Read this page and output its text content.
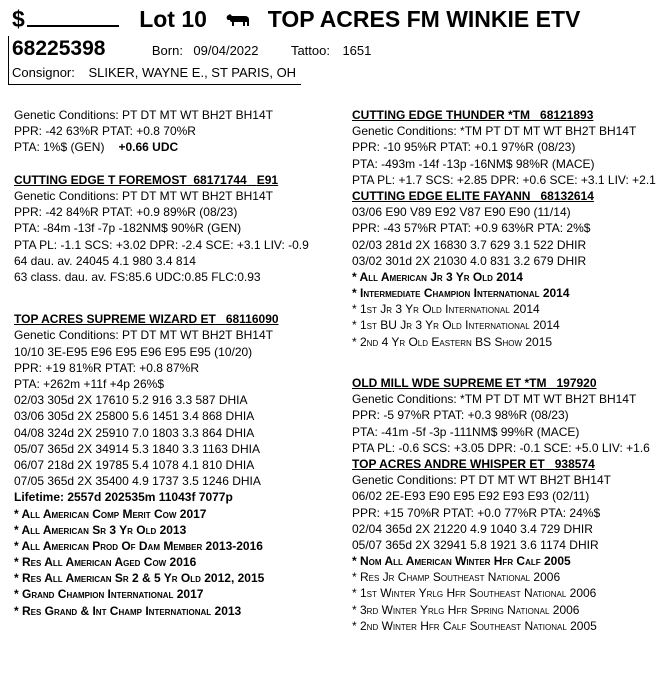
$	Lot 10	TOP ACRES FM WINKIE ETV
68225398	Born: 09/04/2022 Tattoo: 1651
Consignor: SLIKER, WAYNE E., ST PARIS, OH
Genetic Conditions: PT DT MT WT BH2T BH14T
PPR: -42 63%R PTAT: +0.8 70%R
PTA: 1%$ (GEN) +0.66 UDC
CUTTING EDGE T FOREMOST 68171744 E91
Genetic Conditions: PT DT MT WT BH2T BH14T
PPR: -42 84%R PTAT: +0.9 89%R (08/23)
PTA: -84m -13f -7p -182NM$ 90%R (GEN)
PTA PL: -1.1 SCS: +3.02 DPR: -2.4 SCE: +3.1 LIV: -0.9
64 dau. av. 24045 4.1 980 3.4 814
63 class. dau. av. FS:85.6 UDC:0.85 FLC:0.93
TOP ACRES SUPREME WIZARD ET 68116090
Genetic Conditions: PT DT MT WT BH2T BH14T
10/10 3E-E95 E96 E95 E96 E95 E95 (10/20)
PPR: +19 81%R PTAT: +0.8 87%R
PTA: +262m +11f +4p 26%$
02/03 305d 2X 17610 5.2 916 3.3 587 DHIA
03/06 305d 2X 25800 5.6 1451 3.4 868 DHIA
04/08 324d 2X 25910 7.0 1803 3.3 864 DHIA
05/07 365d 2X 34914 5.3 1840 3.3 1163 DHIA
06/07 218d 2X 19785 5.4 1078 4.1 810 DHIA
07/05 365d 2X 35400 4.9 1737 3.5 1246 DHIA
Lifetime: 2557d 202535m 11043f 7077p
* All American Comp Merit Cow 2017
* All American Sr 3 Yr Old 2013
* All American Prod Of Dam Member 2013-2016
* Res All American Aged Cow 2016
* Res All American Sr 2 & 5 Yr Old 2012, 2015
* Grand Champion International 2017
* Res Grand & Int Champ International 2013
CUTTING EDGE THUNDER *TM 68121893
Genetic Conditions: *TM PT DT MT WT BH2T BH14T
PPR: -10 95%R PTAT: +0.1 97%R (08/23)
PTA: -493m -14f -13p -16NM$ 98%R (MACE)
PTA PL: +1.7 SCS: +2.85 DPR: +0.6 SCE: +3.1 LIV: +2.1
CUTTING EDGE ELITE FAYANN 68132614
03/06 E90 V89 E92 V87 E90 E90 (11/14)
PPR: -43 57%R PTAT: +0.9 63%R PTA: 2%$
02/03 281d 2X 16830 3.7 629 3.1 522 DHIR
03/02 301d 2X 21030 4.0 831 3.2 679 DHIR
* All American Jr 3 Yr Old 2014
* Intermediate Champion International 2014
* 1st Jr 3 Yr Old International 2014
* 1st BU Jr 3 Yr Old International 2014
* 2nd 4 Yr Old Eastern BS Show 2015
OLD MILL WDE SUPREME ET *TM 197920
Genetic Conditions: *TM PT DT MT WT BH2T BH14T
PPR: -5 97%R PTAT: +0.3 98%R (08/23)
PTA: -41m -5f -3p -111NM$ 99%R (MACE)
PTA PL: -0.6 SCS: +3.05 DPR: -0.1 SCE: +5.0 LIV: +1.6
TOP ACRES ANDRE WHISPER ET 938574
Genetic Conditions: PT DT MT WT BH2T BH14T
06/02 2E-E93 E90 E95 E92 E93 E93 (02/11)
PPR: +15 70%R PTAT: +0.0 77%R PTA: 24%$
02/04 365d 2X 21220 4.9 1040 3.4 729 DHIR
05/07 365d 2X 32941 5.8 1921 3.6 1174 DHIR
* Nom All American Winter Hfr Calf 2005
* Res Jr Champ Southeast National 2006
* 1st Winter Yrlg Hfr Southeast National 2006
* 3rd Winter Yrlg Hfr Spring National 2006
* 2nd Winter Hfr Calf Southeast National 2005
